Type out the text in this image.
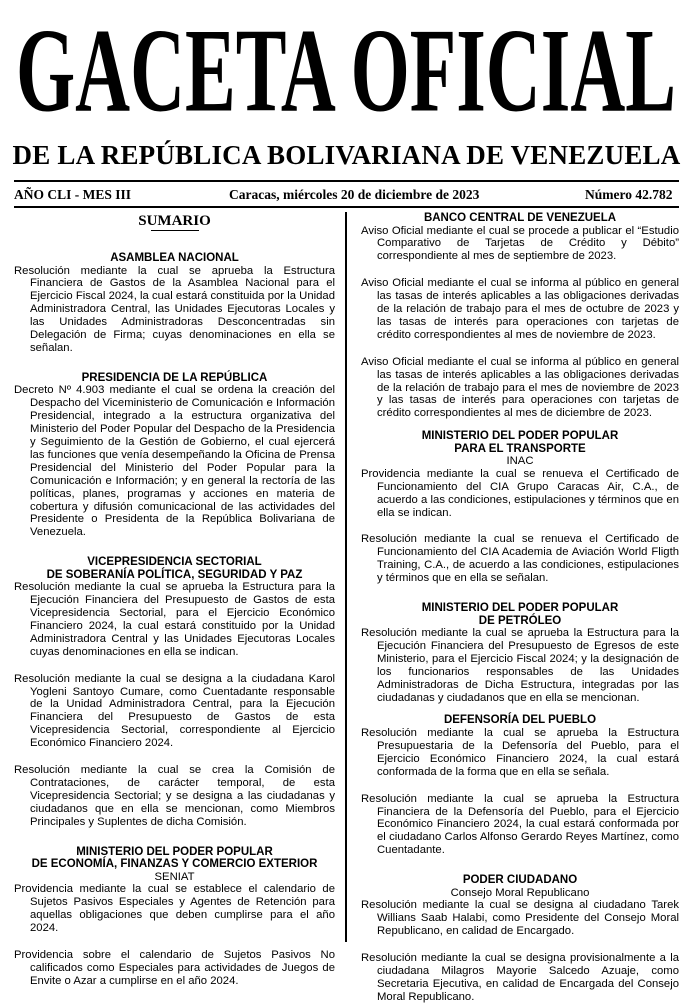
GACETA OFICIAL
DE LA REPÚBLICA BOLIVARIANA DE VENEZUELA
AÑO CLI - MES III	Caracas, miércoles 20 de diciembre de 2023	Número 42.782
SUMARIO
ASAMBLEA NACIONAL

Resolución mediante la cual se aprueba la Estructura Financiera de Gastos de la Asamblea Nacional para el Ejercicio Fiscal 2024, la cual estará constituida por la Unidad Administradora Central, las Unidades Ejecutoras Locales y las Unidades Administradoras Desconcentradas sin Delegación de Firma; cuyas denominaciones en ella se señalan.

PRESIDENCIA DE LA REPÚBLICA

Decreto Nº 4.903 mediante el cual se ordena la creación del Despacho del Viceministerio de Comunicación e Información Presidencial, integrado a la estructura organizativa del Ministerio del Poder Popular del Despacho de la Presidencia y Seguimiento de la Gestión de Gobierno, el cual ejercerá las funciones que venía desempeñando la Oficina de Prensa Presidencial del Ministerio del Poder Popular para la Comunicación e Información; y en general la rectoría de las políticas, planes, programas y acciones en materia de cobertura y difusión comunicacional de las actividades del Presidente o Presidenta de la República Bolivariana de Venezuela.

VICEPRESIDENCIA SECTORIAL
DE SOBERANÍA POLÍTICA, SEGURIDAD Y PAZ

Resolución mediante la cual se aprueba la Estructura para la Ejecución Financiera del Presupuesto de Gastos de esta Vicepresidencia Sectorial, para el Ejercicio Económico Financiero 2024, la cual estará constituido por la Unidad Administradora Central y las Unidades Ejecutoras Locales cuyas denominaciones en ella se indican.

Resolución mediante la cual se designa a la ciudadana Karol Yogleni Santoyo Cumare, como Cuentadante responsable de la Unidad Administradora Central, para la Ejecución Financiera del Presupuesto de Gastos de esta Vicepresidencia Sectorial, correspondiente al Ejercicio Económico Financiero 2024.

Resolución mediante la cual se crea la Comisión de Contrataciones, de carácter temporal, de esta Vicepresidencia Sectorial; y se designa a las ciudadanas y ciudadanos que en ella se mencionan, como Miembros Principales y Suplentes de dicha Comisión.

MINISTERIO DEL PODER POPULAR
DE ECONOMÍA, FINANZAS Y COMERCIO EXTERIOR
SENIAT

Providencia mediante la cual se establece el calendario de Sujetos Pasivos Especiales y Agentes de Retención para aquellas obligaciones que deben cumplirse para el año 2024.

Providencia sobre el calendario de Sujetos Pasivos No calificados como Especiales para actividades de Juegos de Envite o Azar a cumplirse en el año 2024.

BANCO CENTRAL DE VENEZUELA

Aviso Oficial mediante el cual se procede a publicar el “Estudio Comparativo de Tarjetas de Crédito y Débito” correspondiente al mes de septiembre de 2023.

Aviso Oficial mediante el cual se informa al público en general las tasas de interés aplicables a las obligaciones derivadas de la relación de trabajo para el mes de octubre de 2023 y las tasas de interés para operaciones con tarjetas de crédito correspondientes al mes de noviembre de 2023.

Aviso Oficial mediante el cual se informa al público en general las tasas de interés aplicables a las obligaciones derivadas de la relación de trabajo para el mes de noviembre de 2023 y las tasas de interés para operaciones con tarjetas de crédito correspondientes al mes de diciembre de 2023.

MINISTERIO DEL PODER POPULAR
PARA EL TRANSPORTE
INAC

Providencia mediante la cual se renueva el Certificado de Funcionamiento del CIA Grupo Caracas Air, C.A., de acuerdo a las condiciones, estipulaciones y términos que en ella se indican.

Resolución mediante la cual se renueva el Certificado de Funcionamiento del CIA Academia de Aviación World Fligth Training, C.A., de acuerdo a las condiciones, estipulaciones y términos que en ella se señalan.

MINISTERIO DEL PODER POPULAR
DE PETRÓLEO

Resolución mediante la cual se aprueba la Estructura para la Ejecución Financiera del Presupuesto de Egresos de este Ministerio, para el Ejercicio Fiscal 2024; y la designación de los funcionarios responsables de las Unidades Administradoras de Dicha Estructura, integradas por las ciudadanas y ciudadanos que en ella se mencionan.

DEFENSORÍA DEL PUEBLO

Resolución mediante la cual se aprueba la Estructura Presupuestaria de la Defensoría del Pueblo, para el Ejercicio Económico Financiero 2024, la cual estará conformada de la forma que en ella se señala.

Resolución mediante la cual se aprueba la Estructura Financiera de la Defensoría del Pueblo, para el Ejercicio Económico Financiero 2024, la cual estará conformada por el ciudadano Carlos Alfonso Gerardo Reyes Martínez, como Cuentadante.

PODER CIUDADANO
Consejo Moral Republicano

Resolución mediante la cual se designa al ciudadano Tarek Willians Saab Halabi, como Presidente del Consejo Moral Republicano, en calidad de Encargado.

Resolución mediante la cual se designa provisionalmente a la ciudadana Milagros Mayorie Salcedo Azuaje, como Secretaria Ejecutiva, en calidad de Encargada del Consejo Moral Republicano.
